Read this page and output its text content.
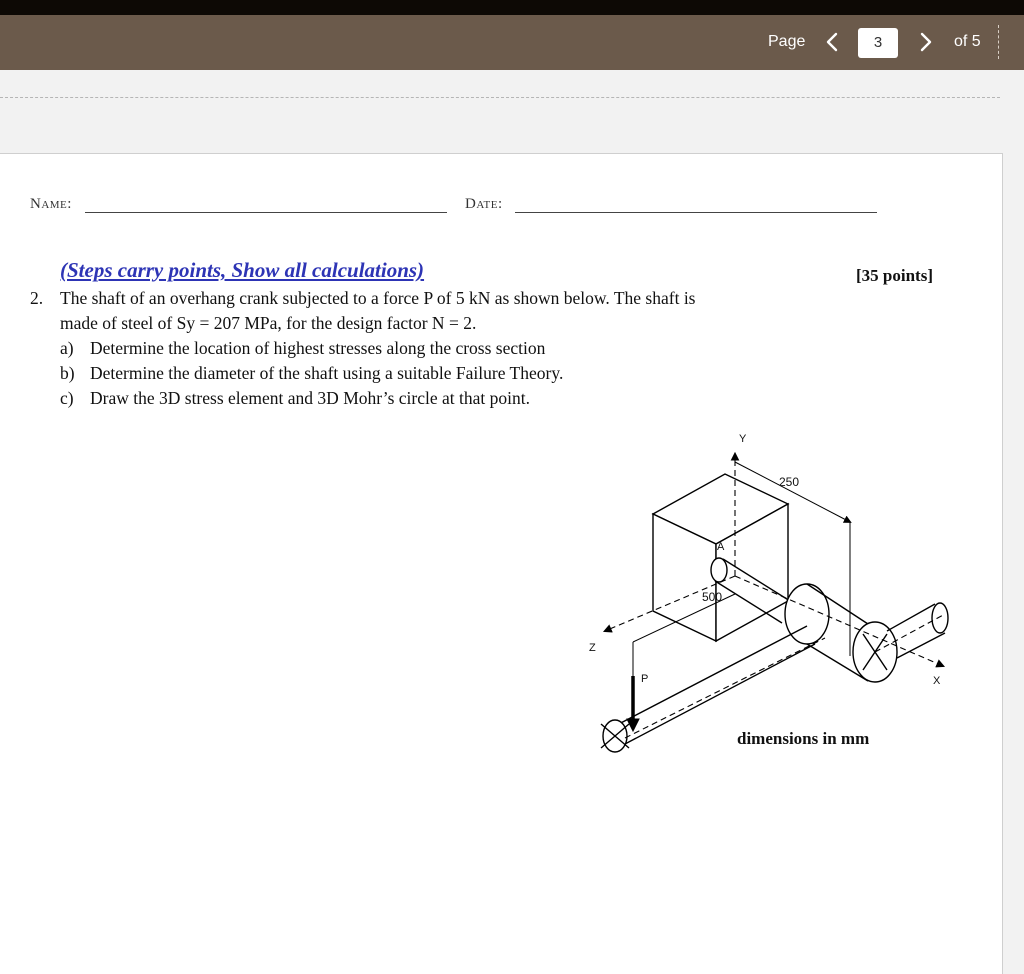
Page	3	of 5
Name:	Date:
(Steps carry points, Show all calculations)	[35 points]
2. The shaft of an overhang crank subjected to a force P of 5 kN as shown below. The shaft is
made of steel of Sy = 207 MPa, for the design factor N = 2.
a) Determine the location of highest stresses along the cross section
b) Determine the diameter of the shaft using a suitable Failure Theory.
c) Draw the 3D stress element and 3D Mohr’s circle at that point.
Y
Z
X
A
P
250
500
dimensions in mm
